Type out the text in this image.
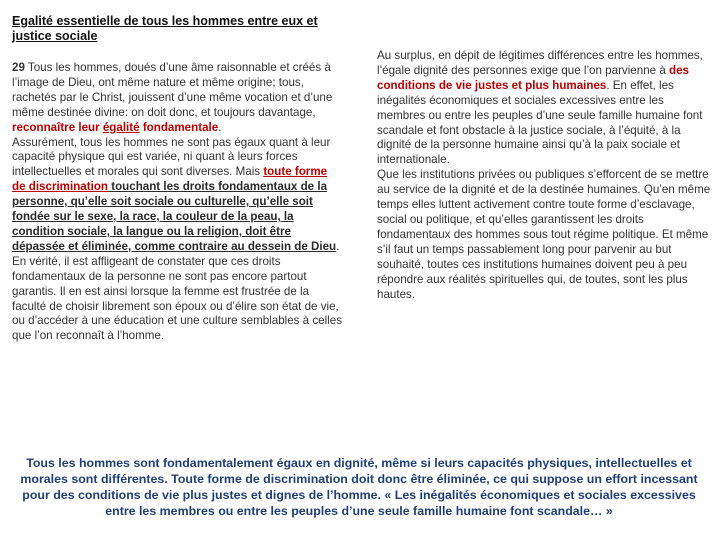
Egalité essentielle de tous les hommes entre eux et justice sociale

29 Tous les hommes, doués d’une âme raisonnable et créés à l’image de Dieu, ont même nature et même origine; tous, rachetés par le Christ, jouissent d’une même vocation et d’une même destinée divine: on doit donc, et toujours davantage, reconnaître leur égalité fondamentale.

Assurément, tous les hommes ne sont pas égaux quant à leur capacité physique qui est variée, ni quant à leurs forces intellectuelles et morales qui sont diverses. Mais toute forme de discrimination touchant les droits fondamentaux de la personne, qu’elle soit sociale ou culturelle, qu’elle soit fondée sur le sexe, la race, la couleur de la peau, la condition sociale, la langue ou la religion, doit être dépassée et éliminée, comme contraire au dessein de Dieu. En vérité, il est affligeant de constater que ces droits fondamentaux de la personne ne sont pas encore partout garantis. Il en est ainsi lorsque la femme est frustrée de la faculté de choisir librement son époux ou d’élire son état de vie, ou d’accéder à une éducation et une culture semblables à celles que l’on reconnaît à l’homme.

Au surplus, en dépit de légitimes différences entre les hommes, l’égale dignité des personnes exige que l’on parvienne à des conditions de vie justes et plus humaines. En effet, les inégalités économiques et sociales excessives entre les membres ou entre les peuples d’une seule famille humaine font scandale et font obstacle à la justice sociale, à l’équité, à la dignité de la personne humaine ainsi qu’à la paix sociale et internationale.

Que les institutions privées ou publiques s’efforcent de se mettre au service de la dignité et de la destinée humaines. Qu’en même temps elles luttent activement contre toute forme d’esclavage, social ou politique, et qu’elles garantissent les droits fondamentaux des hommes sous tout régime politique. Et même s’il faut un temps passablement long pour parvenir au but souhaité, toutes ces institutions humaines doivent peu à peu répondre aux réalités spirituelles qui, de toutes, sont les plus hautes.

Tous les hommes sont fondamentalement égaux en dignité, même si leurs capacités physiques, intellectuelles et morales sont différentes. Toute forme de discrimination doit donc être éliminée, ce qui suppose un effort incessant pour des conditions de vie plus justes et dignes de l’homme. « Les inégalités économiques et sociales excessives entre les membres ou entre les peuples d’une seule famille humaine font scandale… »
